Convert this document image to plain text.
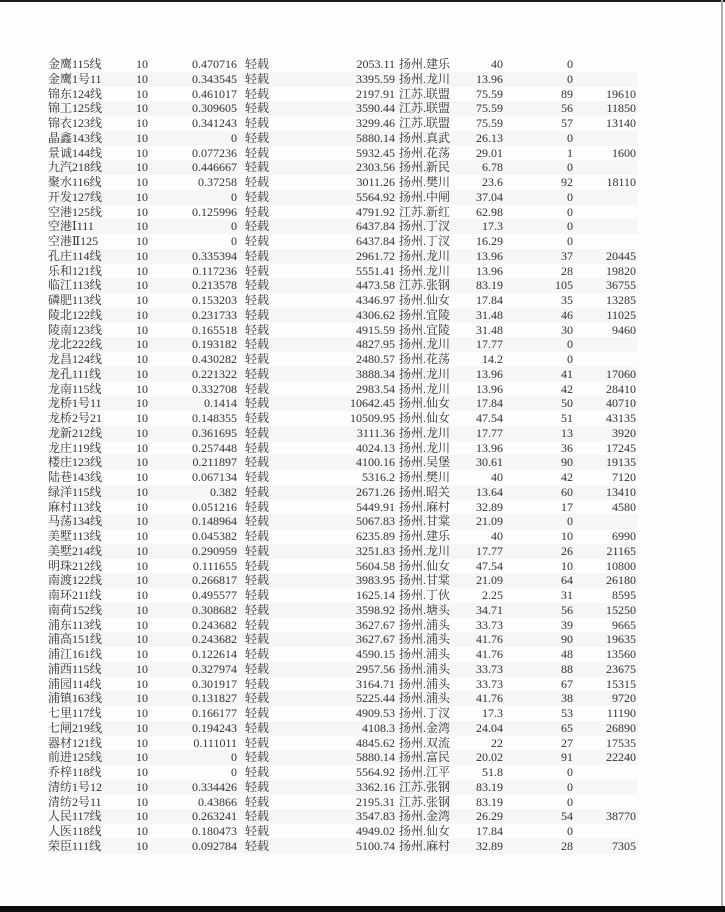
金鹰115线	10	0.470716 轻载	2053.11 扬州.建乐	40	0
金鹰1号11	10	0.343545 轻载	3395.59 扬州.龙川	13.96	0
锦东124线	10	0.461017 轻载	2197.91 江苏.联盟	75.59	89	19610
锦工125线	10	0.309605 轻载	3590.44 江苏.联盟	75.59	56	11850
锦衣123线	10	0.341243 轻载	3299.46 江苏.联盟	75.59	57	13140
晶鑫143线	10	0 轻载	5880.14 扬州.真武	26.13	0
景诚144线	10	0.077236 轻载	5932.45 扬州.花荡	29.01	1	1600
九汽218线	10	0.446667 轻载	2303.56 扬州.新民	6.78	0
聚水116线	10	0.37258 轻载	3011.26 扬州.樊川	23.6	92	18110
开发127线	10	0 轻载	5564.92 扬州.中闸	37.04	0
空港125线	10	0.125996 轻载	4791.92 江苏.新红	62.98	0
空港Ⅰ111	10	0 轻载	6437.84 扬州.丁汊	17.3	0
空港Ⅱ125	10	0 轻载	6437.84 扬州.丁汊	16.29	0
孔庄114线	10	0.335394 轻载	2961.72 扬州.龙川	13.96	37	20445
乐和121线	10	0.117236 轻载	5551.41 扬州.龙川	13.96	28	19820
临江113线	10	0.213578 轻载	4473.58 江苏.张钢	83.19	105	36755
磷肥113线	10	0.153203 轻载	4346.97 扬州.仙女	17.84	35	13285
陵北122线	10	0.231733 轻载	4306.62 扬州.宜陵	31.48	46	11025
陵南123线	10	0.165518 轻载	4915.59 扬州.宜陵	31.48	30	9460
龙北222线	10	0.193182 轻载	4827.95 扬州.龙川	17.77	0
龙昌124线	10	0.430282 轻载	2480.57 扬州.花荡	14.2	0
龙孔111线	10	0.221322 轻载	3888.34 扬州.龙川	13.96	41	17060
龙南115线	10	0.332708 轻载	2983.54 扬州.龙川	13.96	42	28410
龙桥1号11	10	0.1414 轻载	10642.45 扬州.仙女	17.84	50	40710
龙桥2号21	10	0.148355 轻载	10509.95 扬州.仙女	47.54	51	43135
龙新212线	10	0.361695 轻载	3111.36 扬州.龙川	17.77	13	3920
龙庄119线	10	0.257448 轻载	4024.13 扬州.龙川	13.96	36	17245
楼庄123线	10	0.211897 轻载	4100.16 扬州.吴堡	30.61	90	19135
陆巷143线	10	0.067134 轻载	5316.2 扬州.樊川	40	42	7120
绿洋115线	10	0.382 轻载	2671.26 扬州.昭关	13.64	60	13410
麻村113线	10	0.051216 轻载	5449.91 扬州.麻村	32.89	17	4580
马荡134线	10	0.148964 轻载	5067.83 扬州.甘棠	21.09	0
美墅113线	10	0.045382 轻载	6235.89 扬州.建乐	40	10	6990
美墅214线	10	0.290959 轻载	3251.83 扬州.龙川	17.77	26	21165
明珠212线	10	0.111655 轻载	5604.58 扬州.仙女	47.54	10	10800
南渡122线	10	0.266817 轻载	3983.95 扬州.甘棠	21.09	64	26180
南环211线	10	0.495577 轻载	1625.14 扬州.丁伙	2.25	31	8595
南荷152线	10	0.308682 轻载	3598.92 扬州.塘头	34.71	56	15250
浦东113线	10	0.243682 轻载	3627.67 扬州.浦头	33.73	39	9665
浦高151线	10	0.243682 轻载	3627.67 扬州.浦头	41.76	90	19635
浦江161线	10	0.122614 轻载	4590.15 扬州.浦头	41.76	48	13560
浦西115线	10	0.327974 轻载	2957.56 扬州.浦头	33.73	88	23675
浦园114线	10	0.301917 轻载	3164.71 扬州.浦头	33.73	67	15315
浦镇163线	10	0.131827 轻载	5225.44 扬州.浦头	41.76	38	9720
七里117线	10	0.166177 轻载	4909.53 扬州.丁汊	17.3	53	11190
七闸219线	10	0.194243 轻载	4108.3 扬州.金湾	24.04	65	26890
器材121线	10	0.111011 轻载	4845.62 扬州.双流	22	27	17535
前进125线	10	0 轻载	5880.14 扬州.富民	20.02	91	22240
乔梓118线	10	0 轻载	5564.92 扬州.江平	51.8	0
清纺1号12	10	0.334426 轻载	3362.16 江苏.张钢	83.19	0
清纺2号11	10	0.43866 轻载	2195.31 江苏.张钢	83.19	0
人民117线	10	0.263241 轻载	3547.83 扬州.金湾	26.29	54	38770
人医118线	10	0.180473 轻载	4949.02 扬州.仙女	17.84	0
荣臣111线	10	0.092784 轻载	5100.74 扬州.麻村	32.89	28	7305
